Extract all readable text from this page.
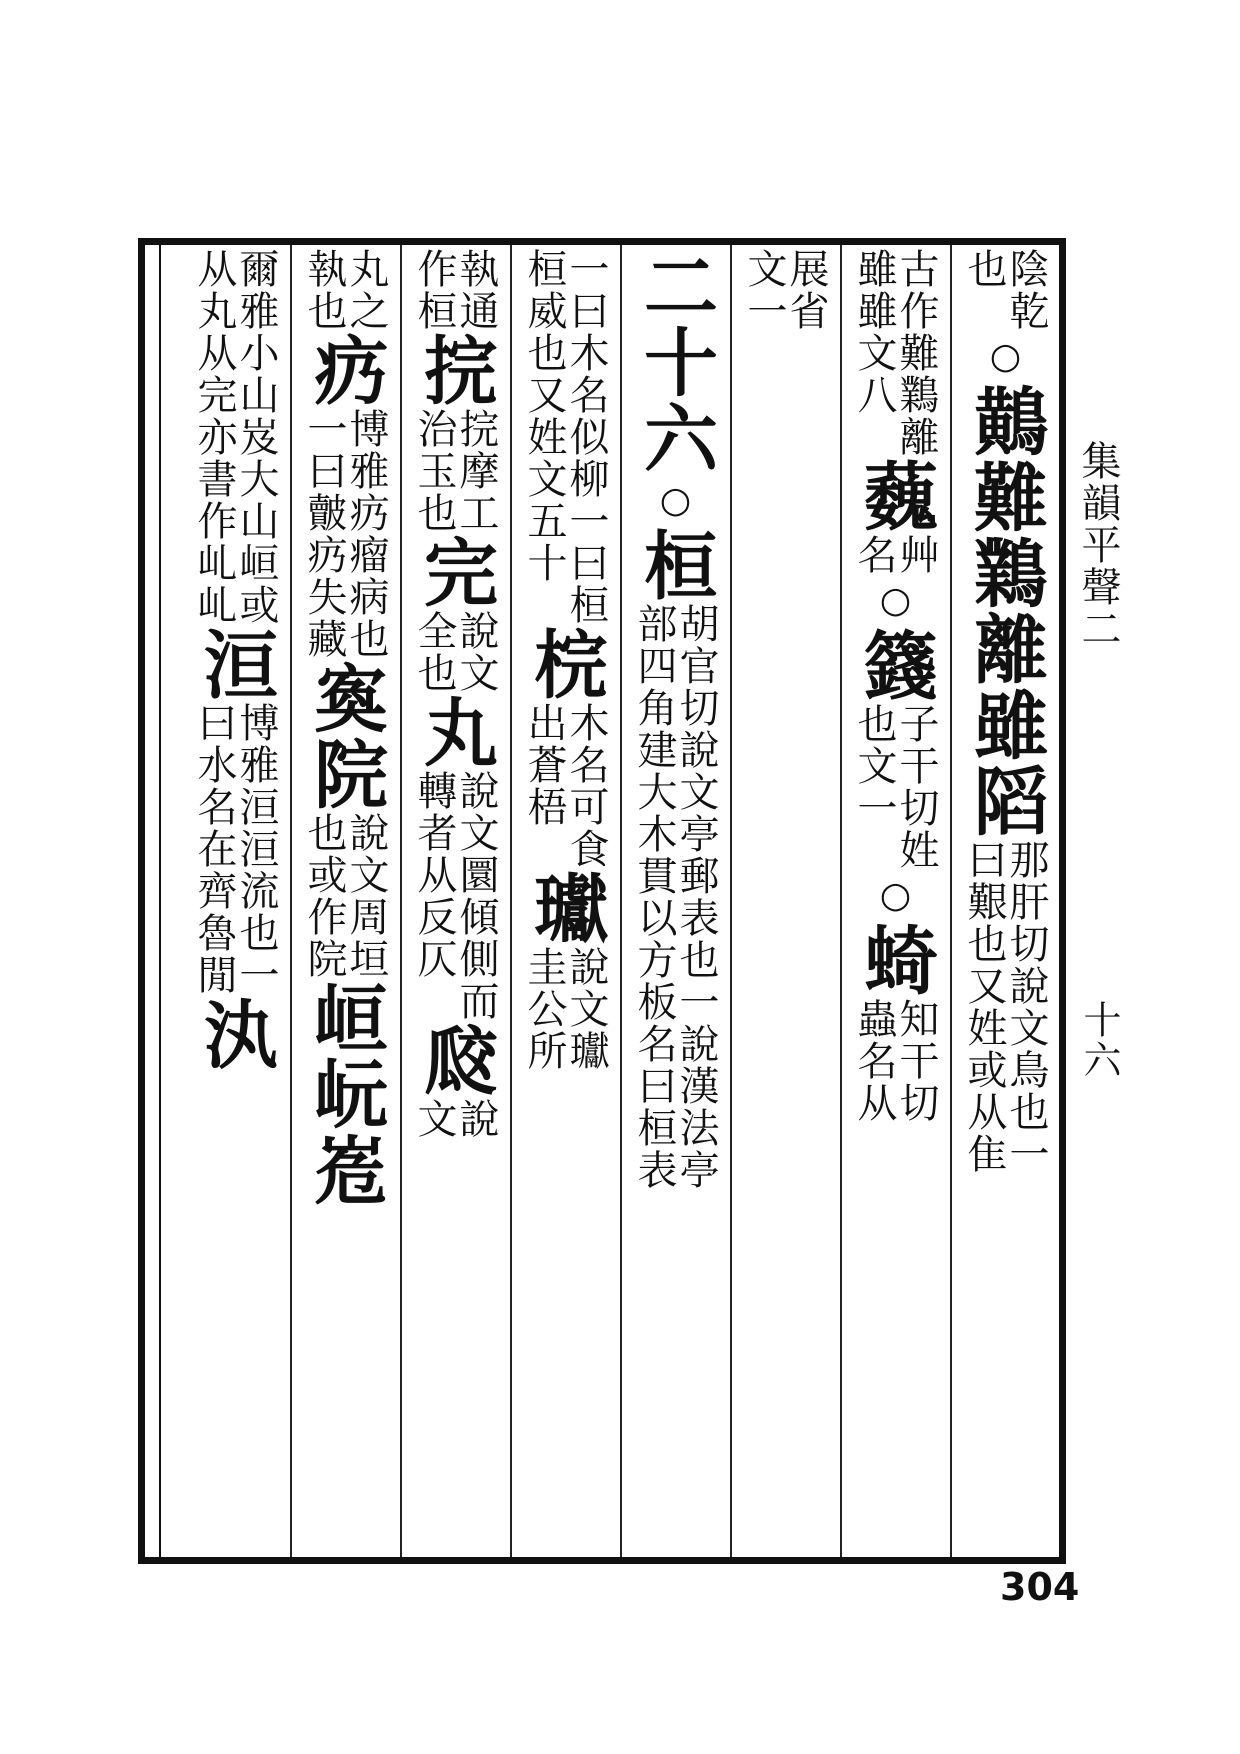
集韻平聲二
十六
陰乾
也
○
鷬難
鸈
離
雖
䧟
那肝切說文鳥也一
曰艱也又姓或从隹
古作難鸈離
雖雖文八
蘶
艸
名
○
籛
子干切姓
也文一
○
䗁
知干切
蟲名从
展省
文一
二十六
○
桓
胡官切說文亭郵表也一說漢法亭
部四角建大木貫以方板名曰桓表
一曰木名似柳一曰桓
桓威也又姓文五十
梡
木名可食
出蒼梧
瓛
說文瓛
圭公所
執通
作桓
捖
捖摩工
治玉也
完
說文
全也
丸
說文圜傾側而
轉者从反仄
㼎
說
文
丸之
執也
疓
博雅疓瘤病也
一曰皾疓失藏
寏
院
說文周垣
也或作院
峘
岏
峞
爾雅小山岌大山峘或
从丸从完亦書作乢乢
洹
博雅洹洹流也一
曰水名在齊魯閒
汍
304
